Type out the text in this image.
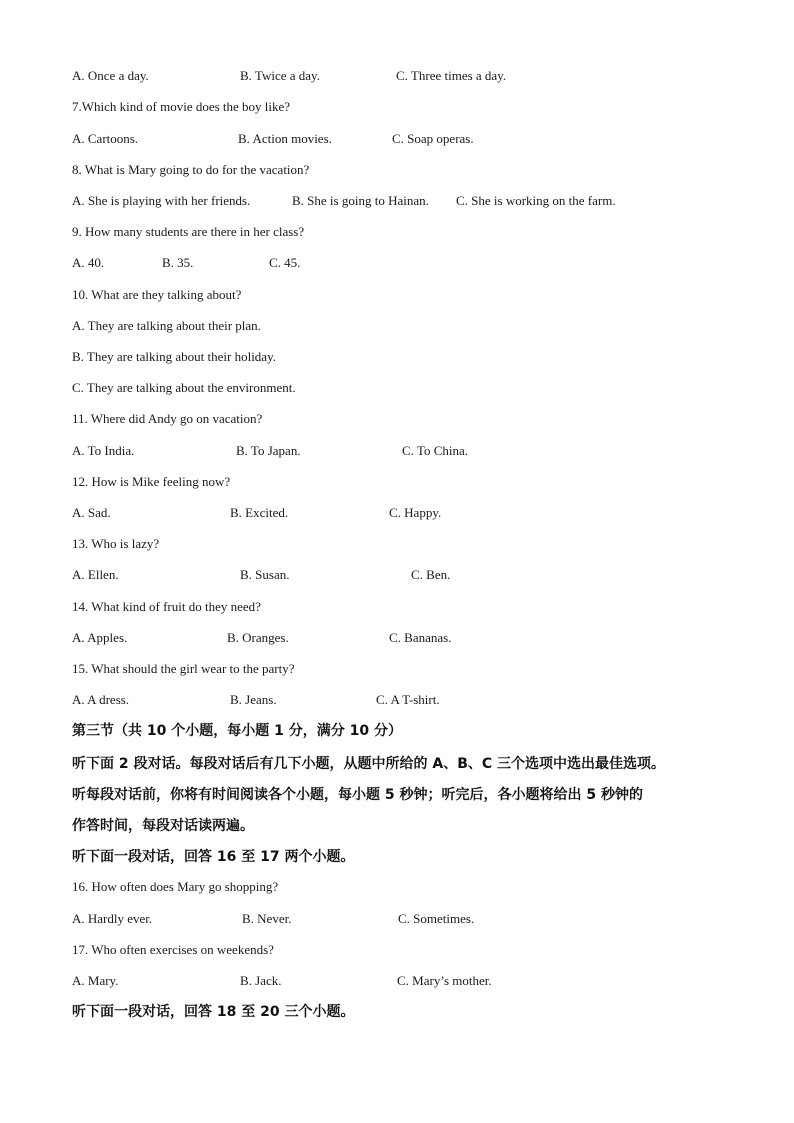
A. Once a day.	B. Twice a day.	C. Three times a day.
7.Which kind of movie does the boy like?
A. Cartoons.	B. Action movies.	C. Soap operas.
8. What is Mary going to do for the vacation?
A. She is playing with her friends.	B. She is going to Hainan. C. She is working on the farm.
9. How many students are there in her class?
A. 40.	B. 35.	C. 45.
10. What are they talking about?
A. They are talking about their plan.
B. They are talking about their holiday.
C. They are talking about the environment.
11. Where did Andy go on vacation?
A. To India.	B. To Japan.	C. To China.
12. How is Mike feeling now?
A. Sad.	B. Excited.	C. Happy.
13. Who is lazy?
A. Ellen.	B. Susan.	C. Ben.
14. What kind of fruit do they need?
A. Apples.	B. Oranges.	C. Bananas.
15. What should the girl wear to the party?
A. A dress.	B. Jeans.	C. A T-shirt.
第三节（共 10 个小题，每小题 1 分，满分 10 分）
听下面 2 段对话。每段对话后有几下小题，从题中所给的 A、B、C 三个选项中选出最佳选项。
听每段对话前，你将有时间阅读各个小题，每小题 5 秒钟；听完后，各小题将给出 5 秒钟的
作答时间，每段对话读两遍。
听下面一段对话，回答 16 至 17 两个小题。
16. How often does Mary go shopping?
A. Hardly ever.	B. Never.	C. Sometimes.
17. Who often exercises on weekends?
A. Mary.	B. Jack.	C. Mary’s mother.
听下面一段对话，回答 18 至 20 三个小题。
